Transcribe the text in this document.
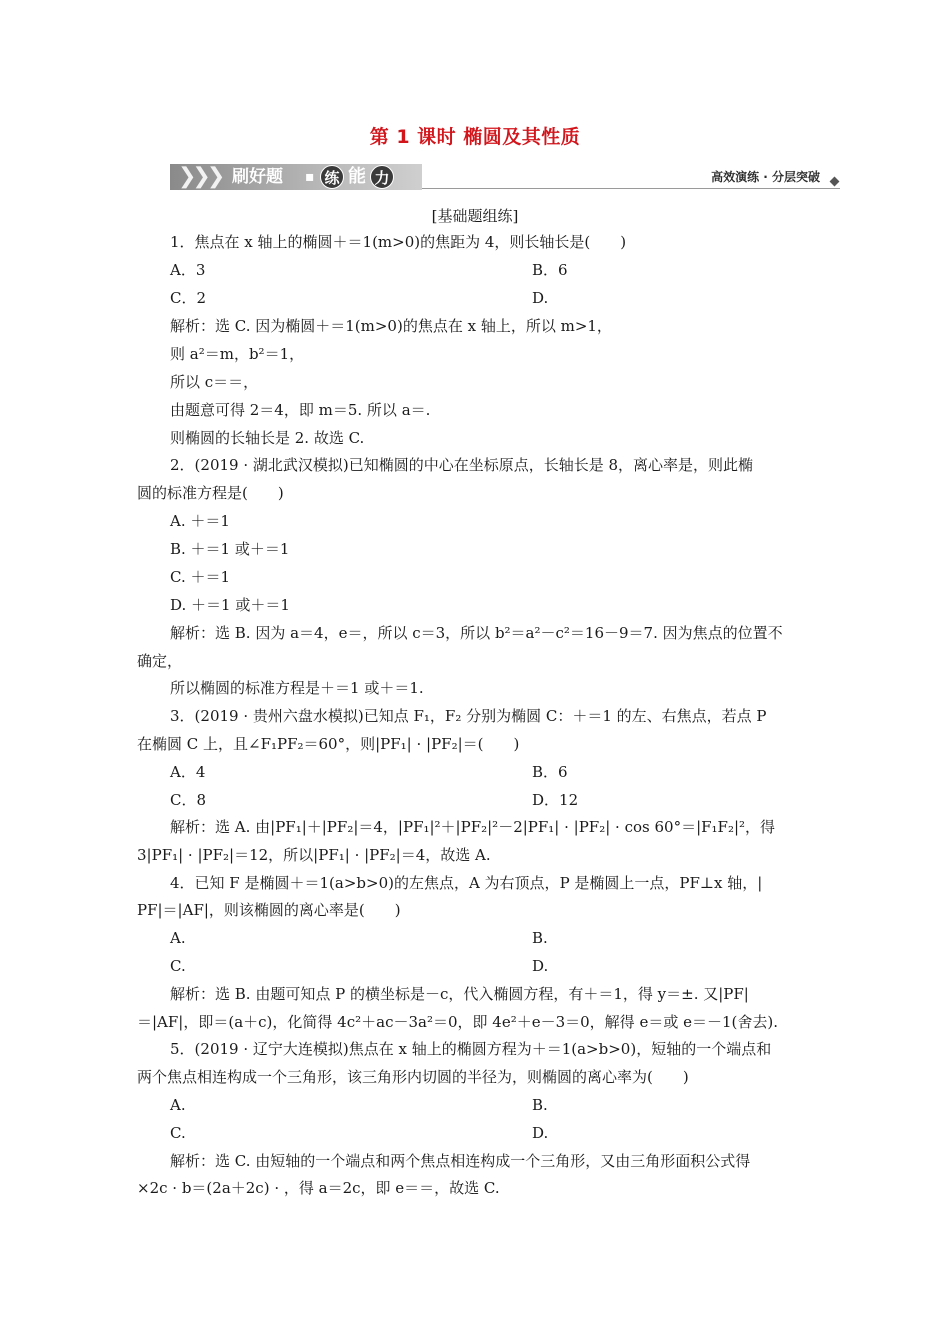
第 1 课时 椭圆及其性质
❯❯❯ 刷好题 ▪ 练 能 力	高效演练 · 分层突破
[基础题组练]
1．焦点在 x 轴上的椭圆＋＝1(m>0)的焦距为 4，则长轴长是(　　)
A．3	B．6
C．2	D.
解析：选 C. 因为椭圆＋＝1(m>0)的焦点在 x 轴上，所以 m>1，
则 a²＝m，b²＝1，
所以 c＝＝，
由题意可得 2＝4，即 m＝5. 所以 a＝.
则椭圆的长轴长是 2. 故选 C.
2．(2019 · 湖北武汉模拟)已知椭圆的中心在坐标原点，长轴长是 8，离心率是，则此椭
圆的标准方程是(　　)
A. ＋＝1
B. ＋＝1 或＋＝1
C. ＋＝1
D. ＋＝1 或＋＝1
解析：选 B. 因为 a＝4，e＝，所以 c＝3，所以 b²＝a²－c²＝16－9＝7. 因为焦点的位置不
确定，
所以椭圆的标准方程是＋＝1 或＋＝1.
3．(2019 · 贵州六盘水模拟)已知点 F₁，F₂ 分别为椭圆 C：＋＝1 的左、右焦点，若点 P
在椭圆 C 上，且∠F₁PF₂＝60°，则|PF₁| · |PF₂|＝(　　)
A．4	B．6
C．8	D．12
解析：选 A. 由|PF₁|＋|PF₂|＝4，|PF₁|²＋|PF₂|²－2|PF₁| · |PF₂| · cos 60°＝|F₁F₂|²，得
3|PF₁| · |PF₂|＝12，所以|PF₁| · |PF₂|＝4，故选 A.
4．已知 F 是椭圆＋＝1(a>b>0)的左焦点，A 为右顶点，P 是椭圆上一点，PF⊥x 轴，|
PF|＝|AF|，则该椭圆的离心率是(　　)
A.	B.
C.	D.
解析：选 B. 由题可知点 P 的横坐标是－c，代入椭圆方程，有＋＝1，得 y＝±. 又|PF|
＝|AF|，即＝(a＋c)，化简得 4c²＋ac－3a²＝0，即 4e²＋e－3＝0，解得 e＝或 e＝－1(舍去).
5．(2019 · 辽宁大连模拟)焦点在 x 轴上的椭圆方程为＋＝1(a>b>0)，短轴的一个端点和
两个焦点相连构成一个三角形，该三角形内切圆的半径为，则椭圆的离心率为(　　)
A.	B.
C.	D.
解析：选 C. 由短轴的一个端点和两个焦点相连构成一个三角形，又由三角形面积公式得
×2c · b＝(2a＋2c) · ，得 a＝2c，即 e＝＝，故选 C.
